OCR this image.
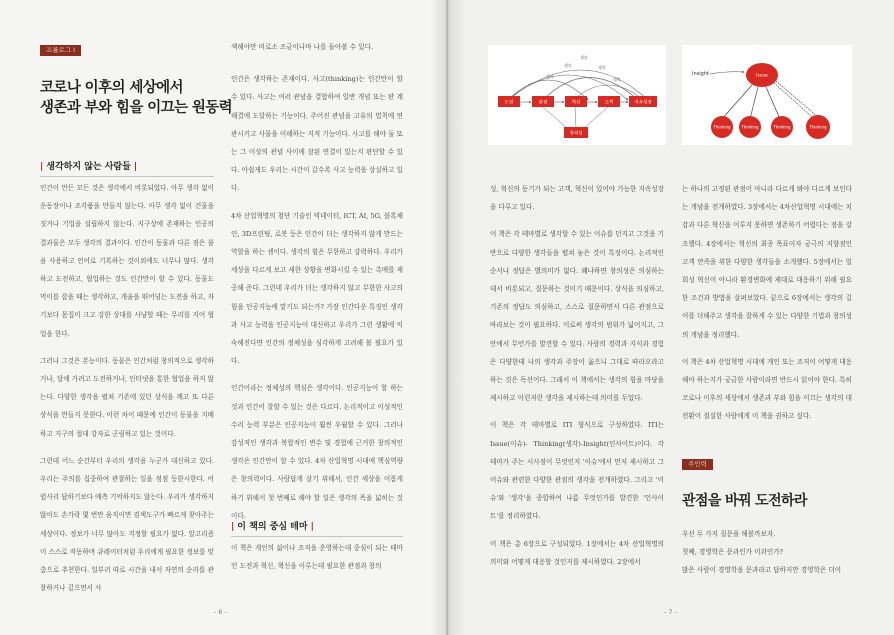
프롤로그 I
코로나 이후의 세상에서
생존과 부와 힘을 이끄는 원동력
| 생각하지 않는 사람들 |

인간이 만든 모든 것은 생각에서 비롯되었다. 아무 생각 없이 운동장이나 조각품을 만들지 않는다. 아무 생각 없이 건물을 짓거나 기업을 설립하지 않는다. 지구상에 존재하는 인공의 결과물은 모두 생각의 결과이다. 인간이 동물과 다른 점은 불을 사용하고 언어로 기록하는 것이외에도 너무나 많다. 생각하고 도전하고, 협업하는 것도 인간만이 할 수 있다. 동물도 먹이를 잡을 때는 생각하고, 개울을 뛰어넘는 도전을 하고, 자기보다 몸집이 크고 강한 상대를 사냥할 때는 무리를 지어 협업을 한다.

그러나 그것은 본능이다. 동물은 인간처럼 창의적으로 생각하거나, 달에 가려고 도전하거나, 인터넷을 통한 협업을 하지 않는다. 다양한 생각을 펼쳐 기존에 있던 상식을 깨고 또 다른 상식을 만들지 못한다. 이런 차이 때문에 인간이 동물을 지배하고 지구의 절대 강자로 군림하고 있는 것이다.

그런데 어느 순간부터 우리의 생각을 누군가 대신하고 있다. 우리는 주의를 집중하여 관찰하는 일을 점점 등한시한다. 어렵사리 답하기보다 예측 기억하지도 않는다. 우리가 생각하지 않아도 손가락 몇 번만 움직이면 검색도구가 빠르게 찾아주는 세상이다. 정보가 너무 많아도 걱정할 필요가 없다. 알고리즘이 스스로 작동하며 큐레이터처럼 우리에게 필요한 정보를 맞춤으로 추천한다. 일부러 따로 시간을 내서 자연의 순리를 관찰하거나 깊으면서 사

색해야만 비로소 조금이나마 나를 돌아볼 수 있다.

인간은 생각하는 존재이다. 사고(thinking)는 인간만이 할 수 있다. 사고는 여러 관념을 결합하여 일반 개념 또는 판 계해결에 도달하는 기능이다. 주어진 관념을 고유의 법칙에 연관시키고 사물을 이해하는 지적 기능이다. 사고를 해야 둘 또는 그 이상의 관념 사이에 잠된 연결이 있는지 판단할 수 있다. 아쉽게도 우리는 시간이 갈수록 사고 능력을 상실하고 있다.

4차 산업혁명의 첨단 기술인 빅데이터, ICT, AI, 5G, 블록체인, 3D프린팅, 로봇 등은 인간이 더는 생각하지 않게 만드는 역할을 하는 셈이다. 생각의 힘은 무한하고 강력하다. 우리가 세상을 다르게 보고 새한 상황을 변화시킬 수 있는 촉매를 제공해 준다. 그런데 우리가 더는 생각하지 않고 무한한 사고의 힘을 인공지능에 맡기도 되는가? 가장 인간다운 특징인 생각과 사고 능력을 인공지능이 대신하고 우리가 그런 생활에 익 숙해진다면 인간의 정체성을 심각하게 고려해 볼 필요가 있다.

인간이라는 정체성의 핵심은 생각이다. 인공지능이 할 하는 것과 인간이 잘할 수 있는 것은 다르다. 논리적이고 이성적인 수리 능력 부분은 인공지능이 훨씬 우월할 수 있다. 그러나 감성적인 생각과 복합적인 변수 및 경험에 근거한 창의적인 생각은 인간만이 할 수 있다. 4차 산업혁명 시대에 핵심역량은 창의력이다. 사람답게 살기 위해서, 인간 세상을 이롭게 하기 위해서 첫 번째로 해야 할 일은 생각의 폭을 넓히는 것이다.

| 이 책의 중심 테마 |

이 책은 개인의 삶이나 조직을 운영하는데 중심이 되는 테마인 도전과 혁신, 혁신을 이루는데 필요한 관점과 창의

- 6 -
생각
생각
생각
생각
생각
도전	관점	혁신	고객	지속성장
창의성
Insight	Issue
Thinking	Thinking	Thinking	Thinking

성, 혁신의 동기가 되는 고객, 혁신이 있어야 가능한 지속성장을 다루고 있다.

이 책은 각 테마별로 생각할 수 있는 이슈를 던지고 그것을 기반으로 다양한 생각들을 펼쳐 놓은 것이 특징이다. 논리적인 순서나 정답은 별의미가 없다. 왜냐하면 창의성은 의심하는 데서 비롯되고, 질문하는 것이기 때문이다. 상식을 의심하고, 기존의 정답도 의심하고, 스스로 질문하면서 다른 관점으로 바라보는 것이 필요하다. 이로써 생각의 범위가 넓어지고, 그 안에서 무언가를 발견할 수 있다. 사람의 경력과 지식과 경험은 다양한데 나의 생각과 주장이 옳으니 그대로 따라오라고 하는 것은 독선이다. 그래서 이 책에서는 생각의 힘을 마당을 제시하고 이런저런 생각을 제시하는데 의미를 두었다.

이 책은 각 테마별로 ITI 형식으로 구성하였다. ITI는 Issue(이슈)- Thinking(생각)-Insight(인사이트)이다. 각 테마가 주는 시사점이 무엇인지 '이슈'에서 먼저 제시하고 그 이슈와 관련한 다양한 관점의 생각을 전개하였다. 그리고 '이슈'와 '생각'을 종합하여 나름 무엇인가를 발견한 '인사이트'를 정리하였다.

이 책은 총 6장으로 구성되었다. 1장에서는 4차 산업혁명의 의미와 어떻게 대응할 것인지를 제시하였다. 2장에서

는 하나의 고정된 관점이 아니라 다르게 봐야 다르게 보인다는 개념을 전개하였다. 3장에서는 4차산업혁명 시대에는 치감과 다른 혁신을 이루지 못하면 생존하기 어렵다는 점을 강조했다. 4장에서는 혁신의 최종 목표이자 궁극의 지향점인 고객 만족을 위한 다양한 생각들을 소개했다. 5장에서는 일회성 혁신이 아니라 환경변화에 제대로 대응하기 위해 필요한 조건과 방법을 살펴보았다. 끝으로 6장에서는 생각의 길이를 더해주고 생각을 잘하게 수 있는 다양한 기법과 창의성의 개념을 정리했다.

이 책은 4차 산업혁명 시대에 개인 또는 조직이 어떻게 대응해야 하는지가 궁금한 사람이라면 반드시 읽어야 한다. 특히 코로나 이후의 세상에서 생존과 부와 힘을 이끄는 생각의 대전환이 절실한 사람에게 이 책을 권하고 싶다.

주인력
관점을 바꿔 도전하라
우선 두 가지 질문을 해볼까보자.
첫째, 경영학은 문과인가 이과인가?
많은 사람이 경영학을 문과라고 답하지만 경영학은 더이
- 7 -
